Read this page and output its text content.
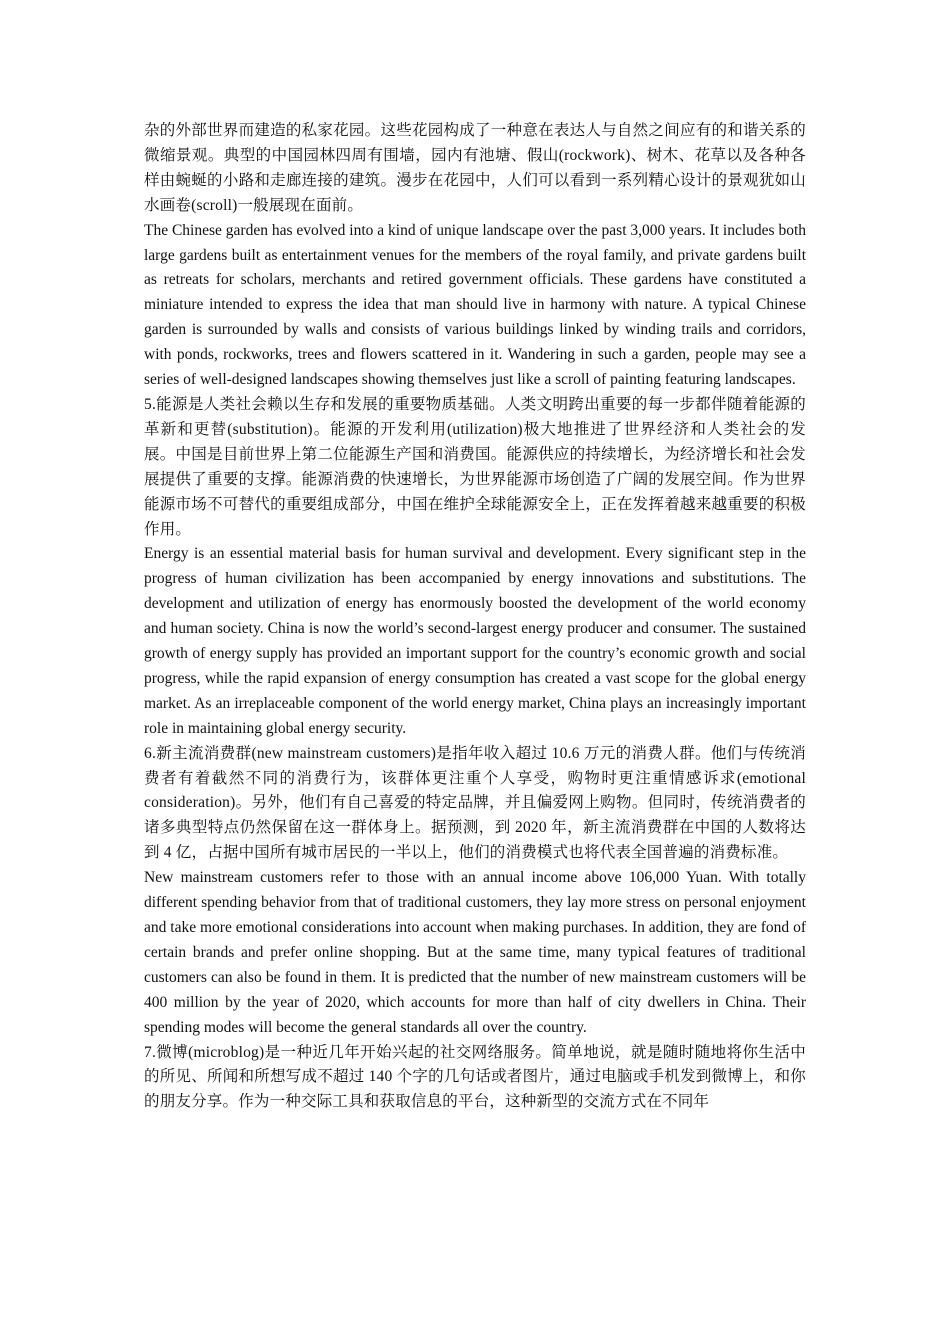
杂的外部世界而建造的私家花园。这些花园构成了一种意在表达人与自然之间应有的和谐关系的微缩景观。典型的中国园林四周有围墙，园内有池塘、假山(rockwork)、树木、花草以及各种各样由蜿蜒的小路和走廊连接的建筑。漫步在花园中，人们可以看到一系列精心设计的景观犹如山水画卷(scroll)一般展现在面前。

The Chinese garden has evolved into a kind of unique landscape over the past 3,000 years. It includes both large gardens built as entertainment venues for the members of the royal family, and private gardens built as retreats for scholars, merchants and retired government officials. These gardens have constituted a miniature intended to express the idea that man should live in harmony with nature. A typical Chinese garden is surrounded by walls and consists of various buildings linked by winding trails and corridors, with ponds, rockworks, trees and flowers scattered in it. Wandering in such a garden, people may see a series of well-designed landscapes showing themselves just like a scroll of painting featuring landscapes.

5.能源是人类社会赖以生存和发展的重要物质基础。人类文明跨出重要的每一步都伴随着能源的革新和更替(substitution)。能源的开发利用(utilization)极大地推进了世界经济和人类社会的发展。中国是目前世界上第二位能源生产国和消费国。能源供应的持续增长，为经济增长和社会发展提供了重要的支撑。能源消费的快速增长，为世界能源市场创造了广阔的发展空间。作为世界能源市场不可替代的重要组成部分，中国在维护全球能源安全上，正在发挥着越来越重要的积极作用。

Energy is an essential material basis for human survival and development. Every significant step in the progress of human civilization has been accompanied by energy innovations and substitutions. The development and utilization of energy has enormously boosted the development of the world economy and human society. China is now the world’s second-largest energy producer and consumer. The sustained growth of energy supply has provided an important support for the country’s economic growth and social progress, while the rapid expansion of energy consumption has created a vast scope for the global energy market. As an irreplaceable component of the world energy market, China plays an increasingly important role in maintaining global energy security.

6.新主流消费群(new mainstream customers)是指年收入超过 10.6 万元的消费人群。他们与传统消费者有着截然不同的消费行为，该群体更注重个人享受，购物时更注重情感诉求(emotional consideration)。另外，他们有自己喜爱的特定品牌，并且偏爱网上购物。但同时，传统消费者的诸多典型特点仍然保留在这一群体身上。据预测，到 2020 年，新主流消费群在中国的人数将达到 4 亿，占据中国所有城市居民的一半以上，他们的消费模式也将代表全国普遍的消费标准。

New mainstream customers refer to those with an annual income above 106,000 Yuan. With totally different spending behavior from that of traditional customers, they lay more stress on personal enjoyment and take more emotional considerations into account when making purchases. In addition, they are fond of certain brands and prefer online shopping. But at the same time, many typical features of traditional customers can also be found in them. It is predicted that the number of new mainstream customers will be 400 million by the year of 2020, which accounts for more than half of city dwellers in China. Their spending modes will become the general standards all over the country.

7.微博(microblog)是一种近几年开始兴起的社交网络服务。简单地说，就是随时随地将你生活中的所见、所闻和所想写成不超过 140 个字的几句话或者图片，通过电脑或手机发到微博上，和你的朋友分享。作为一种交际工具和获取信息的平台，这种新型的交流方式在不同年
